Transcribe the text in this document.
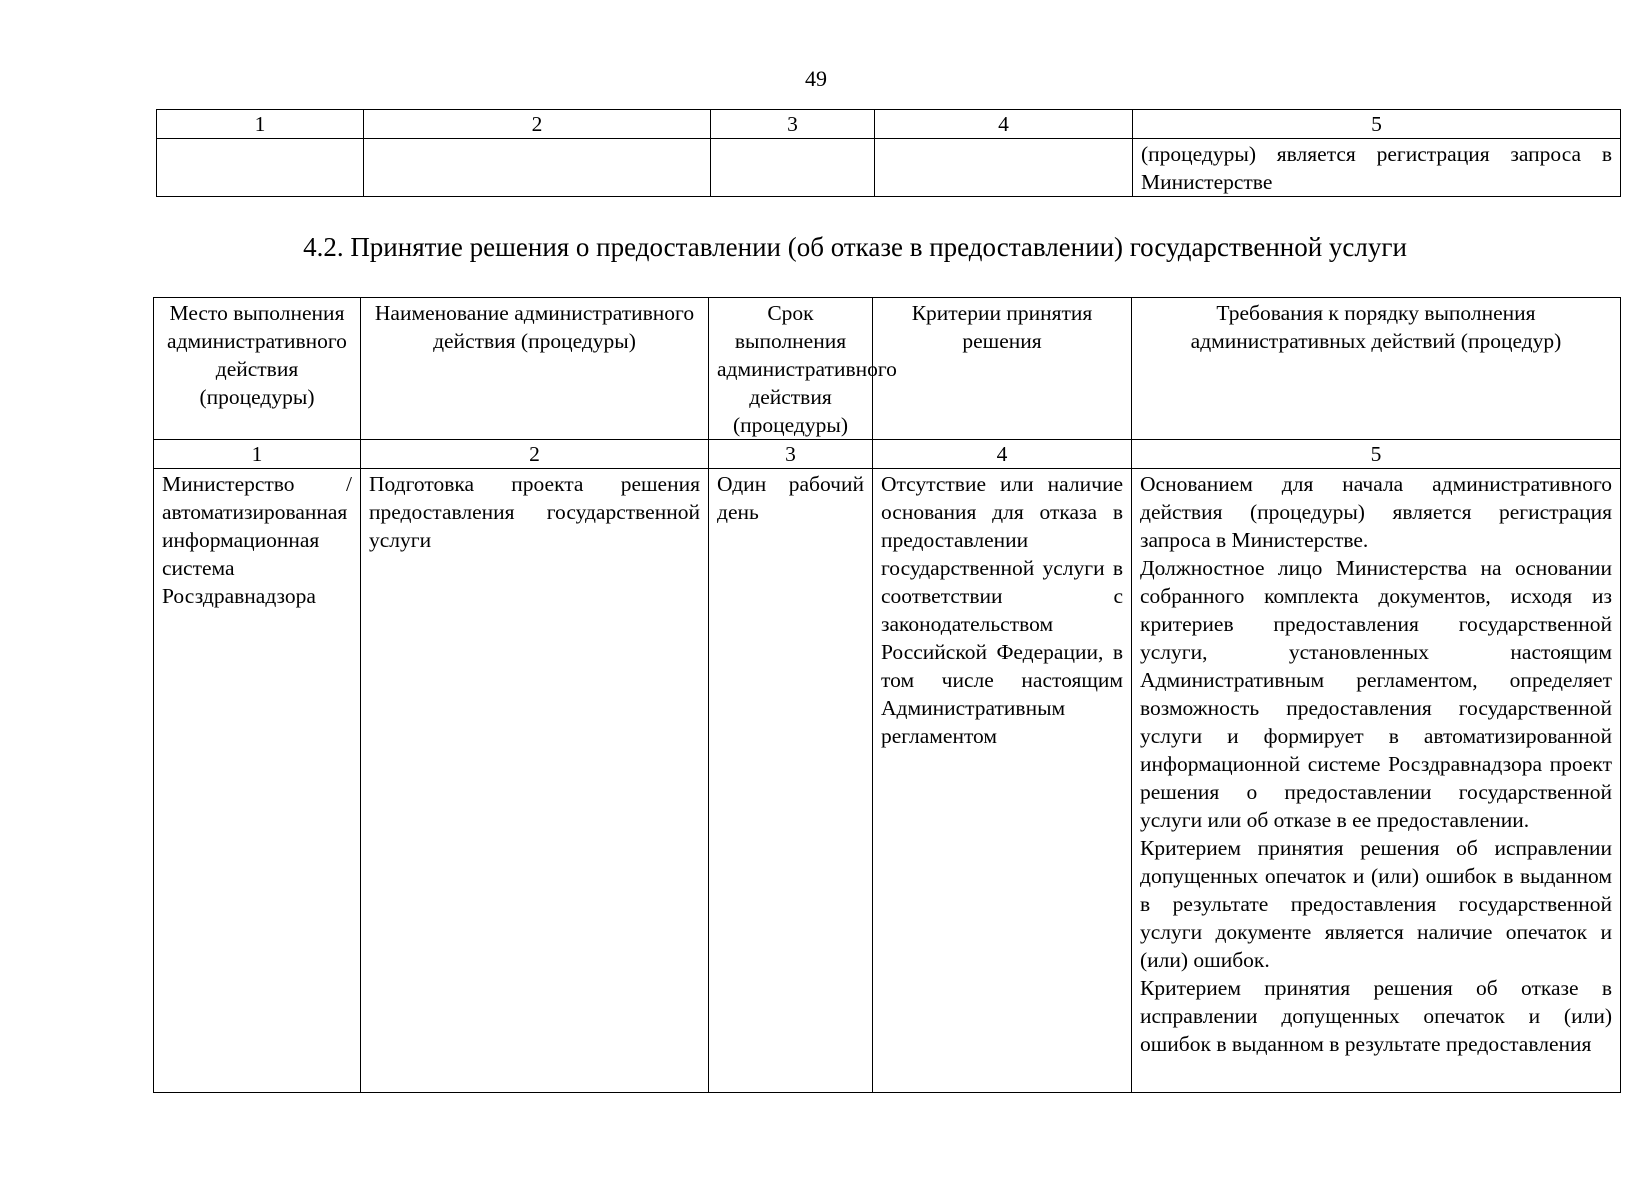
49
1	2	3	4	5
				(процедуры) является регистрация запроса в Министерстве
4.2. Принятие решения о предоставлении (об отказе в предоставлении) государственной услуги
Место выполнения административного действия (процедуры)	Наименование административного действия (процедуры)	Срок выполнения административного действия (процедуры)	Критерии принятия решения	Требования к порядку выполнения административных действий (процедур)
1	2	3	4	5
Министерство / автоматизированная информационная система Росздравнадзора	Подготовка проекта решения предоставления государственной услуги	Один рабочий день	Отсутствие или наличие основания для отказа в предоставлении государственной услуги в соответствии с законодательством Российской Федерации, в том числе настоящим Административным регламентом	Основанием для начала административного действия (процедуры) является регистрация запроса в Министерстве.

Должностное лицо Министерства на основании собранного комплекта документов, исходя из критериев предоставления государственной услуги, установленных настоящим Административным регламентом, определяет возможность предоставления государственной услуги и формирует в автоматизированной информационной системе Росздравнадзора проект решения о предоставлении государственной услуги или об отказе в ее предоставлении.

Критерием принятия решения об исправлении допущенных опечаток и (или) ошибок в выданном в результате предоставления государственной услуги документе является наличие опечаток и (или) ошибок.

Критерием принятия решения об отказе в исправлении допущенных опечаток и (или) ошибок в выданном в результате предоставления
